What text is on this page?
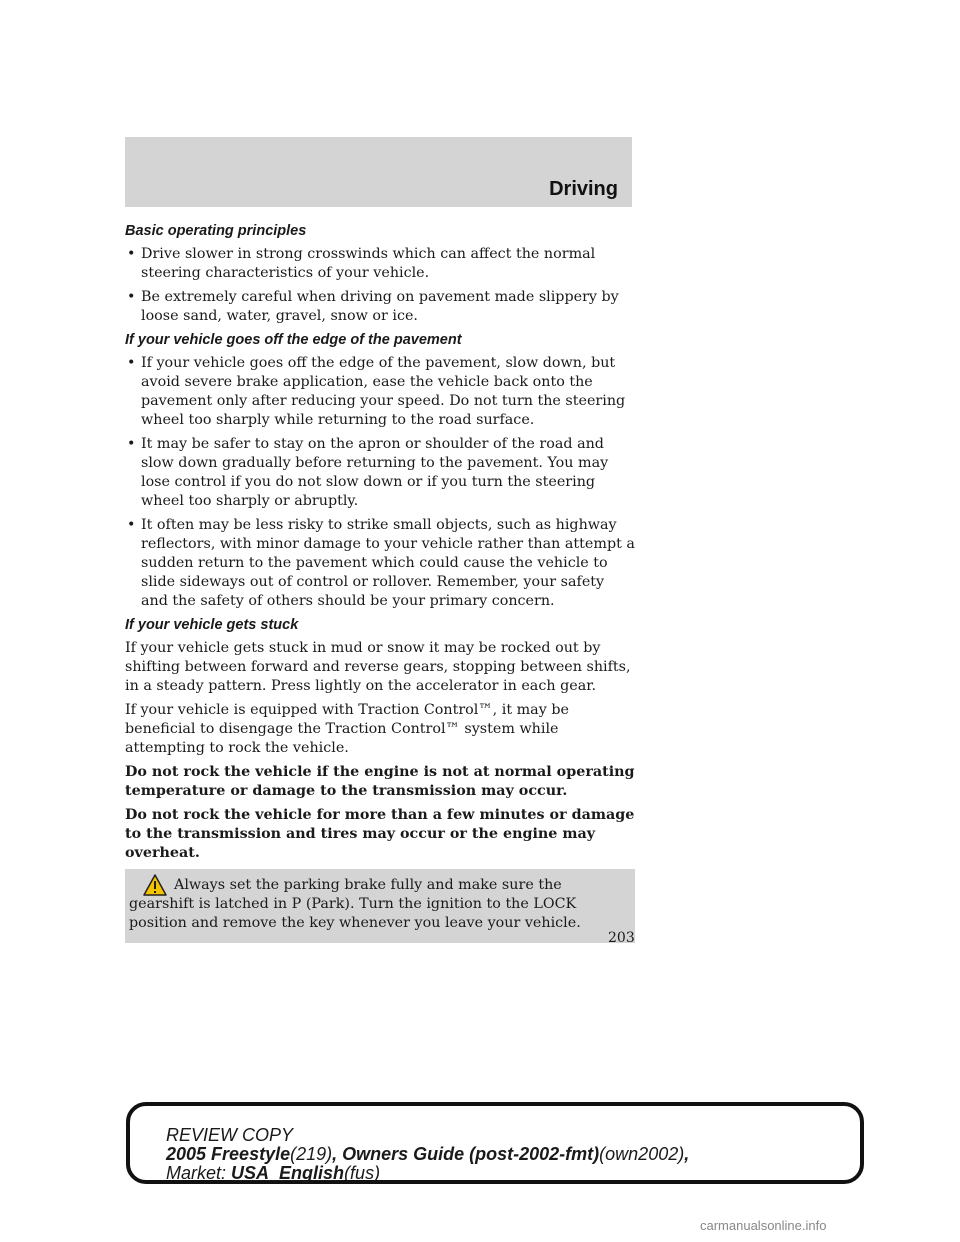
Driving
Basic operating principles
• Drive slower in strong crosswinds which can affect the normal steering characteristics of your vehicle.
• Be extremely careful when driving on pavement made slippery by loose sand, water, gravel, snow or ice.
If your vehicle goes off the edge of the pavement
• If your vehicle goes off the edge of the pavement, slow down, but avoid severe brake application, ease the vehicle back onto the pavement only after reducing your speed. Do not turn the steering wheel too sharply while returning to the road surface.
• It may be safer to stay on the apron or shoulder of the road and slow down gradually before returning to the pavement. You may lose control if you do not slow down or if you turn the steering wheel too sharply or abruptly.
• It often may be less risky to strike small objects, such as highway reflectors, with minor damage to your vehicle rather than attempt a sudden return to the pavement which could cause the vehicle to slide sideways out of control or rollover. Remember, your safety and the safety of others should be your primary concern.
If your vehicle gets stuck

If your vehicle gets stuck in mud or snow it may be rocked out by shifting between forward and reverse gears, stopping between shifts, in a steady pattern. Press lightly on the accelerator in each gear.

If your vehicle is equipped with Traction Control™, it may be beneficial to disengage the Traction Control™ system while attempting to rock the vehicle.

Do not rock the vehicle if the engine is not at normal operating temperature or damage to the transmission may occur.

Do not rock the vehicle for more than a few minutes or damage to the transmission and tires may occur or the engine may overheat.

Always set the parking brake fully and make sure the gearshift is latched in P (Park). Turn the ignition to the LOCK position and remove the key whenever you leave your vehicle.
203
REVIEW COPY
2005 Freestyle(219), Owners Guide (post-2002-fmt)(own2002),
Market: USA_English(fus)
carmanualsonline.info
